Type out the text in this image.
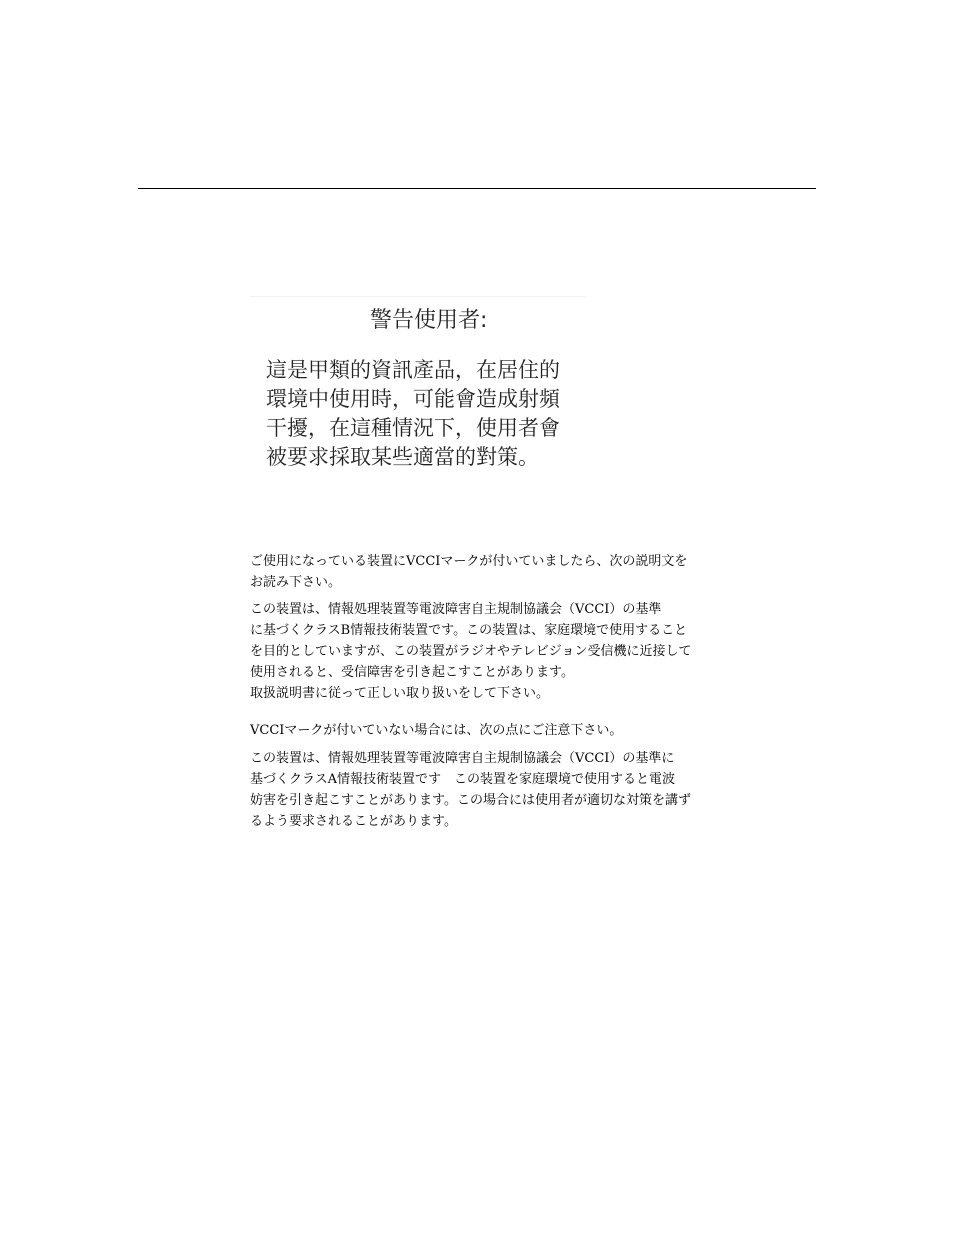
警告使用者:
這是甲類的資訊產品，在居住的
環境中使用時，可能會造成射頻
干擾，在這種情況下，使用者會
被要求採取某些適當的對策。
ご使用になっている装置にVCCIマークが付いていましたら、次の説明文を
お読み下さい。
この装置は、情報処理装置等電波障害自主規制協議会（VCCI）の基準
に基づくクラスB情報技術装置です。この装置は、家庭環境で使用すること
を目的としていますが、この装置がラジオやテレビジョン受信機に近接して
使用されると、受信障害を引き起こすことがあります。
取扱説明書に従って正しい取り扱いをして下さい。
VCCIマークが付いていない場合には、次の点にご注意下さい。
この装置は、情報処理装置等電波障害自主規制協議会（VCCI）の基準に
基づくクラスA情報技術装置です　この装置を家庭環境で使用すると電波
妨害を引き起こすことがあります。この場合には使用者が適切な対策を講ず
るよう要求されることがあります。
